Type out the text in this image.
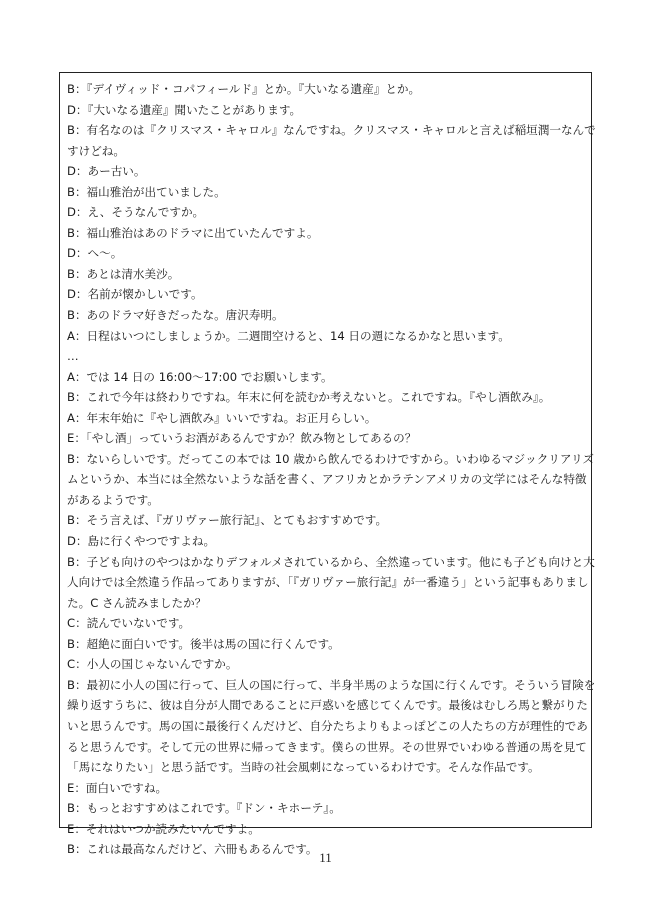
B：『デイヴィッド・コパフィールド』とか。『大いなる遺産』とか。
D：『大いなる遺産』聞いたことがあります。
B：有名なのは『クリスマス・キャロル』なんですね。クリスマス・キャロルと言えば稲垣潤一なんで
すけどね。
D：あー古い。
B：福山雅治が出ていました。
D：え、そうなんですか。
B：福山雅治はあのドラマに出ていたんですよ。
D：へ〜。
B：あとは清水美沙。
D：名前が懐かしいです。
B：あのドラマ好きだったな。唐沢寿明。
A：日程はいつにしましょうか。二週間空けると、14 日の週になるかなと思います。
…
A：では 14 日の 16:00〜17:00 でお願いします。
B：これで今年は終わりですね。年末に何を読むか考えないと。これですね。『やし酒飲み』。
A：年末年始に『やし酒飲み』いいですね。お正月らしい。
E：「やし酒」っていうお酒があるんですか？飲み物としてあるの？
B：ないらしいです。だってこの本では 10 歳から飲んでるわけですから。いわゆるマジックリアリズ
ムというか、本当には全然ないような話を書く、アフリカとかラテンアメリカの文学にはそんな特徴
があるようです。
B：そう言えば、『ガリヴァー旅行記』、とてもおすすめです。
D：島に行くやつですよね。
B：子ども向けのやつはかなりデフォルメされているから、全然違っています。他にも子ども向けと大
人向けでは全然違う作品ってありますが、「『ガリヴァー旅行記』が一番違う」という記事もありまし
た。C さん読みましたか？
C：読んでいないです。
B：超絶に面白いです。後半は馬の国に行くんです。
C：小人の国じゃないんですか。
B：最初に小人の国に行って、巨人の国に行って、半身半馬のような国に行くんです。そういう冒険を
繰り返すうちに、彼は自分が人間であることに戸惑いを感じてくんです。最後はむしろ馬と繋がりた
いと思うんです。馬の国に最後行くんだけど、自分たちよりもよっぽどこの人たちの方が理性的であ
ると思うんです。そして元の世界に帰ってきます。僕らの世界。その世界でいわゆる普通の馬を見て
「馬になりたい」と思う話です。当時の社会風刺になっているわけです。そんな作品です。
E：面白いですね。
B：もっとおすすめはこれです。『ドン・キホーテ』。
E：それはいつか読みたいんですよ。
B：これは最高なんだけど、六冊もあるんです。
11
